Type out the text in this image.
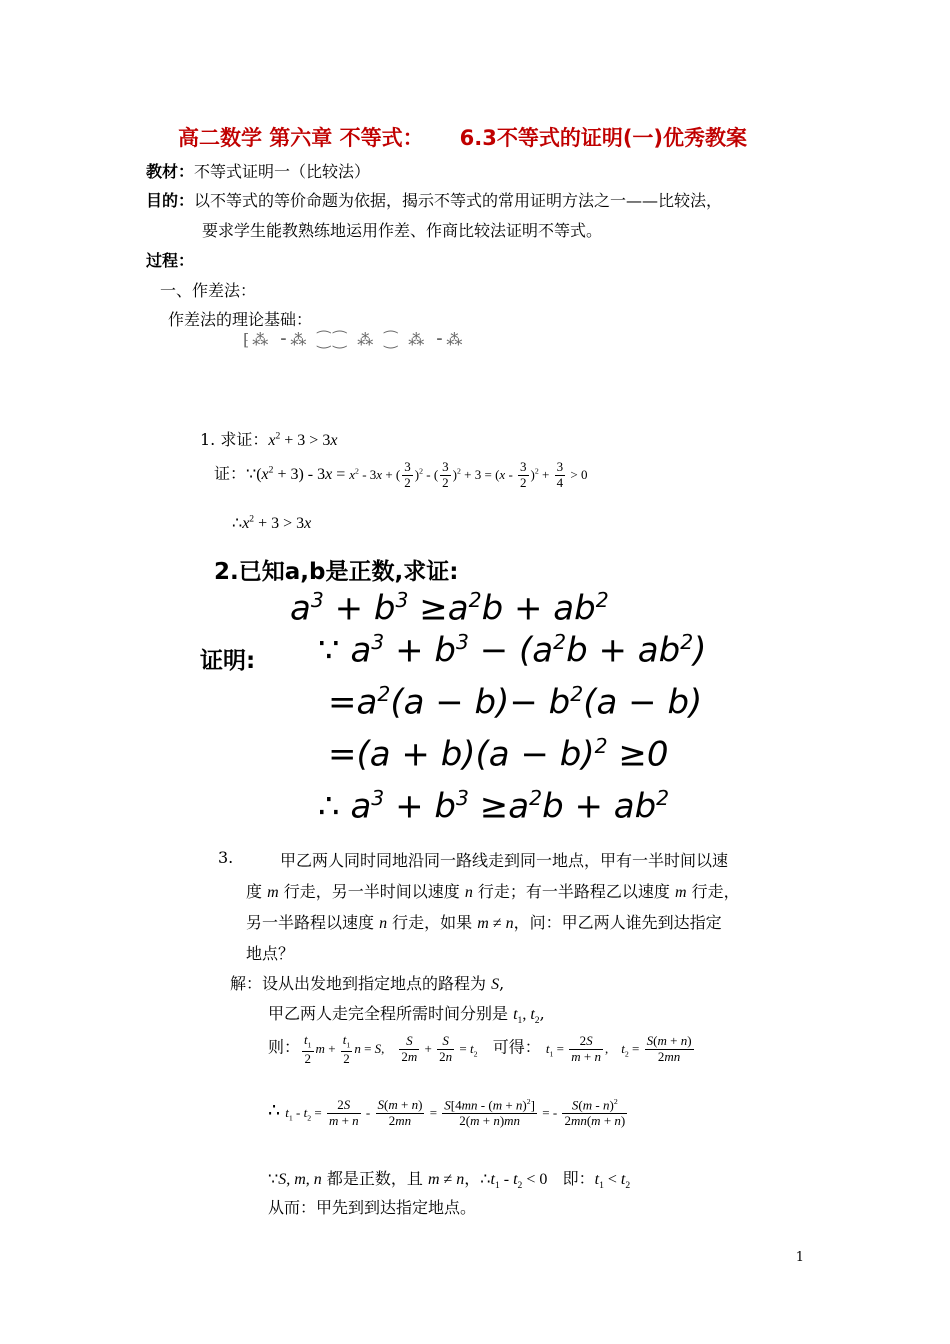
高二数学 第六章 不等式： 6.3不等式的证明(一)优秀教案
教材：不等式证明一（比较法）
目的：以不等式的等价命题为依据，揭示不等式的常用证明方法之一——比较法，
要求学生能教熟练地运用作差、作商比较法证明不等式。
过程：
一、作差法：
作差法的理论基础：
⁅⁂ ⁃⁂ ⁐⁐ ⁂ ⁐ ⁂ ⁃⁂
1. 求证：$x^2 + 3 > 3x$
证：$\because(x^2 + 3) - 3x = x^2 - 3x$ + ( $\frac{3}{2} )^2$ - ( $\frac{3}{2} )^2 + 3 = (x - \frac{3}{2} )^2 + \frac{3}{4} > 0$
$\therefore x^2 + 3 > 3x$
2.已知a,b是正数,求证:
$a^3 + b^3 \ge a^2b + ab^2$
证明: ∵ $a^3 + b^3 - (a^2b + ab^2)$
$=a^2(a - b)- b^2(a - b)$
$=(a + b)(a - b)^2 \ge 0$
∴ $a^3 + b^3 \ge a^2b + ab^2$
3.	甲乙两人同时同地沿同一路线走到同一地点，甲有一半时间以速
度 m 行走，另一半时间以速度 n 行走；有一半路程乙以速度 m 行走，
另一半路程以速度 n 行走，如果 m ≠ n，问：甲乙两人谁先到达指定
地点？
解：设从出发地到指定地点的路程为 S,
甲乙两人走完全程所需时间分别是 $t_1$, $t_2$,
则： $\frac{t_1}{2}$ $m + \frac{t_1}{2}$ n = S, $\frac{S}{2m} + \frac{S}{2n} = t_2$ 可得： $t_1 = \frac{2S}{m + n}$ ,    $t_2 = \frac{S(m + n)}{2mn}$
∴ $t_1 - t_2 = \frac{2S}{m + n} - \frac{S(m + n)}{2mn} = \frac{S[4mn - (m + n)^2]}{2(m + n)mn}$ = - $\frac{S(m - n)^2}{2mn(m + n)}$
∵S, m, n 都是正数，且 m ≠ n，$\therefore t_1 - t_2 < 0$ 即：$t_1 < t_2$
从而：甲先到到达指定地点。
1
